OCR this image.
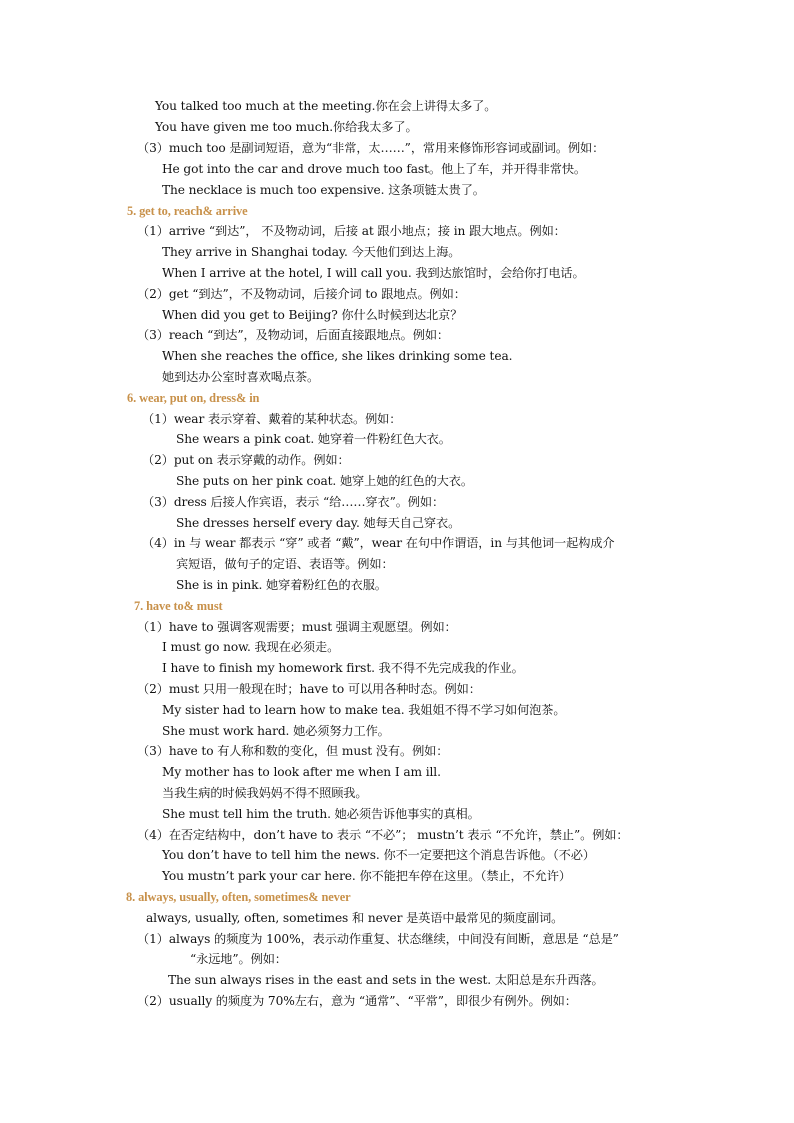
You talked too much at the meeting.你在会上讲得太多了。
You have given me too much.你给我太多了。
（3）much too 是副词短语，意为“非常，太……”，常用来修饰形容词或副词。例如：
He got into the car and drove much too fast。他上了车，并开得非常快。
The necklace is much too expensive. 这条项链太贵了。
5. get to, reach& arrive
（1）arrive “到达”， 不及物动词，后接 at 跟小地点；接 in 跟大地点。例如：
They arrive in Shanghai today. 今天他们到达上海。
When I arrive at the hotel, I will call you. 我到达旅馆时，会给你打电话。
（2）get “到达”，不及物动词，后接介词 to 跟地点。例如：
When did you get to Beijing? 你什么时候到达北京？
（3）reach “到达”，及物动词，后面直接跟地点。例如：
When she reaches the office, she likes drinking some tea.
她到达办公室时喜欢喝点茶。
6. wear, put on, dress& in
（1）wear 表示穿着、戴着的某种状态。例如：
She wears a pink coat. 她穿着一件粉红色大衣。
（2）put on 表示穿戴的动作。例如：
She puts on her pink coat. 她穿上她的红色的大衣。
（3）dress 后接人作宾语，表示 “给……穿衣”。例如：
She dresses herself every day. 她每天自己穿衣。
（4）in 与 wear 都表示 “穿” 或者 “戴”，wear 在句中作谓语，in 与其他词一起构成介
宾短语，做句子的定语、表语等。例如：
She is in pink. 她穿着粉红色的衣服。
7. have to& must
（1）have to 强调客观需要；must 强调主观愿望。例如：
I must go now. 我现在必须走。
I have to finish my homework first. 我不得不先完成我的作业。
（2）must 只用一般现在时；have to 可以用各种时态。例如：
My sister had to learn how to make tea. 我姐姐不得不学习如何泡茶。
She must work hard. 她必须努力工作。
（3）have to 有人称和数的变化，但 must 没有。例如：
My mother has to look after me when I am ill.
当我生病的时候我妈妈不得不照顾我。
She must tell him the truth. 她必须告诉他事实的真相。
（4）在否定结构中，don’t have to 表示 “不必”； mustn’t 表示 “不允许，禁止”。例如：
You don’t have to tell him the news. 你不一定要把这个消息告诉他。（不必）
You mustn’t park your car here. 你不能把车停在这里。（禁止，不允许）
8. always, usually, often, sometimes& never
always, usually, often, sometimes 和 never 是英语中最常见的频度副词。
（1）always 的频度为 100%，表示动作重复、状态继续，中间没有间断，意思是 “总是”
“永远地”。例如：
The sun always rises in the east and sets in the west. 太阳总是东升西落。
（2）usually 的频度为 70%左右，意为 “通常”、“平常”，即很少有例外。例如：
